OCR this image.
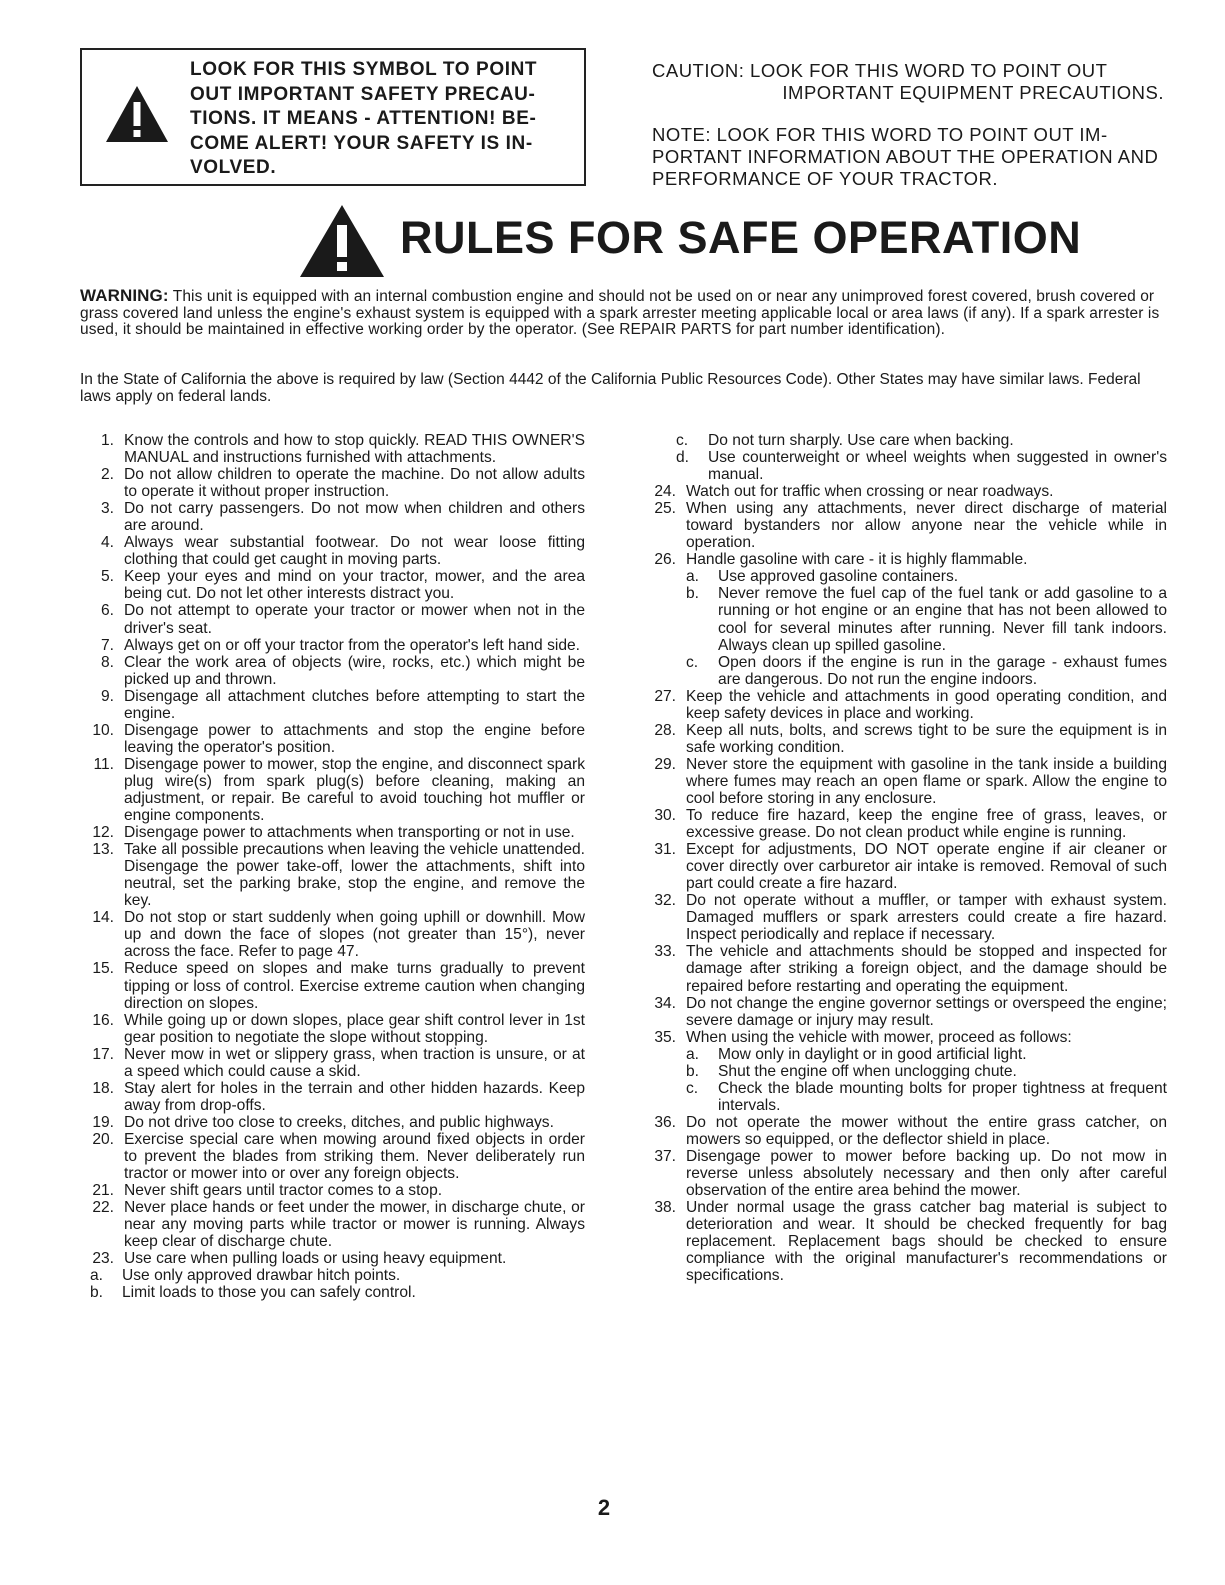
LOOK FOR THIS SYMBOL TO POINT
OUT IMPORTANT SAFETY PRECAU-
TIONS. IT MEANS - ATTENTION! BE-
COME ALERT! YOUR SAFETY IS IN-
VOLVED.
CAUTION: LOOK FOR THIS WORD TO POINT OUT
IMPORTANT EQUIPMENT PRECAUTIONS.
NOTE: LOOK FOR THIS WORD TO POINT OUT IM-PORTANT INFORMATION ABOUT THE OPERATION AND PERFORMANCE OF YOUR TRACTOR.
RULES FOR SAFE OPERATION
WARNING: This unit is equipped with an internal combustion engine and should not be used on or near any unimproved forest covered, brush covered or grass covered land unless the engine's exhaust system is equipped with a spark arrester meeting applicable local or area laws (if any). If a spark arrester is used, it should be maintained in effective working order by the operator. (See REPAIR PARTS for part number identification).
In the State of California the above is required by law (Section 4442 of the California Public Resources Code). Other States may have similar laws. Federal laws apply on federal lands.
1. Know the controls and how to stop quickly. READ THIS OWNER'S MANUAL and instructions furnished with attachments.
2. Do not allow children to operate the machine. Do not allow adults to operate it without proper instruction.
3. Do not carry passengers. Do not mow when children and others are around.
4. Always wear substantial footwear. Do not wear loose fitting clothing that could get caught in moving parts.
5. Keep your eyes and mind on your tractor, mower, and the area being cut. Do not let other interests distract you.
6. Do not attempt to operate your tractor or mower when not in the driver's seat.
7. Always get on or off your tractor from the operator's left hand side.
8. Clear the work area of objects (wire, rocks, etc.) which might be picked up and thrown.
9. Disengage all attachment clutches before attempting to start the engine.
10. Disengage power to attachments and stop the engine before leaving the operator's position.
11. Disengage power to mower, stop the engine, and disconnect spark plug wire(s) from spark plug(s) before cleaning, making an adjustment, or repair. Be careful to avoid touching hot muffler or engine components.
12. Disengage power to attachments when transporting or not in use.
13. Take all possible precautions when leaving the vehicle unattended. Disengage the power take-off, lower the attachments, shift into neutral, set the parking brake, stop the engine, and remove the key.
14. Do not stop or start suddenly when going uphill or downhill. Mow up and down the face of slopes (not greater than 15°), never across the face. Refer to page 47.
15. Reduce speed on slopes and make turns gradually to prevent tipping or loss of control. Exercise extreme caution when changing direction on slopes.
16. While going up or down slopes, place gear shift control lever in 1st gear position to negotiate the slope without stopping.
17. Never mow in wet or slippery grass, when traction is unsure, or at a speed which could cause a skid.
18. Stay alert for holes in the terrain and other hidden hazards. Keep away from drop-offs.
19. Do not drive too close to creeks, ditches, and public highways.
20. Exercise special care when mowing around fixed objects in order to prevent the blades from striking them. Never deliberately run tractor or mower into or over any foreign objects.
21. Never shift gears until tractor comes to a stop.
22. Never place hands or feet under the mower, in discharge chute, or near any moving parts while tractor or mower is running. Always keep clear of discharge chute.
23. Use care when pulling loads or using heavy equipment.
a.	Use only approved drawbar hitch points.
b.	Limit loads to those you can safely control.
c.	Do not turn sharply. Use care when backing.
d.	Use counterweight or wheel weights when suggested in owner's manual.
24. Watch out for traffic when crossing or near roadways.
25. When using any attachments, never direct discharge of material toward bystanders nor allow anyone near the vehicle while in operation.
26. Handle gasoline with care - it is highly flammable.
a.	Use approved gasoline containers.
b.	Never remove the fuel cap of the fuel tank or add gasoline to a running or hot engine or an engine that has not been allowed to cool for several minutes after running. Never fill tank indoors. Always clean up spilled gasoline.
c.	Open doors if the engine is run in the garage - exhaust fumes are dangerous. Do not run the engine indoors.
27. Keep the vehicle and attachments in good operating condition, and keep safety devices in place and working.
28. Keep all nuts, bolts, and screws tight to be sure the equipment is in safe working condition.
29. Never store the equipment with gasoline in the tank inside a building where fumes may reach an open flame or spark. Allow the engine to cool before storing in any enclosure.
30. To reduce fire hazard, keep the engine free of grass, leaves, or excessive grease. Do not clean product while engine is running.
31. Except for adjustments, DO NOT operate engine if air cleaner or cover directly over carburetor air intake is removed. Removal of such part could create a fire hazard.
32. Do not operate without a muffler, or tamper with exhaust system. Damaged mufflers or spark arresters could create a fire hazard. Inspect periodically and replace if necessary.
33. The vehicle and attachments should be stopped and inspected for damage after striking a foreign object, and the damage should be repaired before restarting and operating the equipment.
34. Do not change the engine governor settings or overspeed the engine; severe damage or injury may result.
35. When using the vehicle with mower, proceed as follows:
a.	Mow only in daylight or in good artificial light.
b.	Shut the engine off when unclogging chute.
c.	Check the blade mounting bolts for proper tightness at frequent intervals.
36. Do not operate the mower without the entire grass catcher, on mowers so equipped, or the deflector shield in place.
37. Disengage power to mower before backing up. Do not mow in reverse unless absolutely necessary and then only after careful observation of the entire area behind the mower.
38. Under normal usage the grass catcher bag material is subject to deterioration and wear. It should be checked frequently for bag replacement. Replacement bags should be checked to ensure compliance with the original manufacturer's recommendations or specifications.
2
